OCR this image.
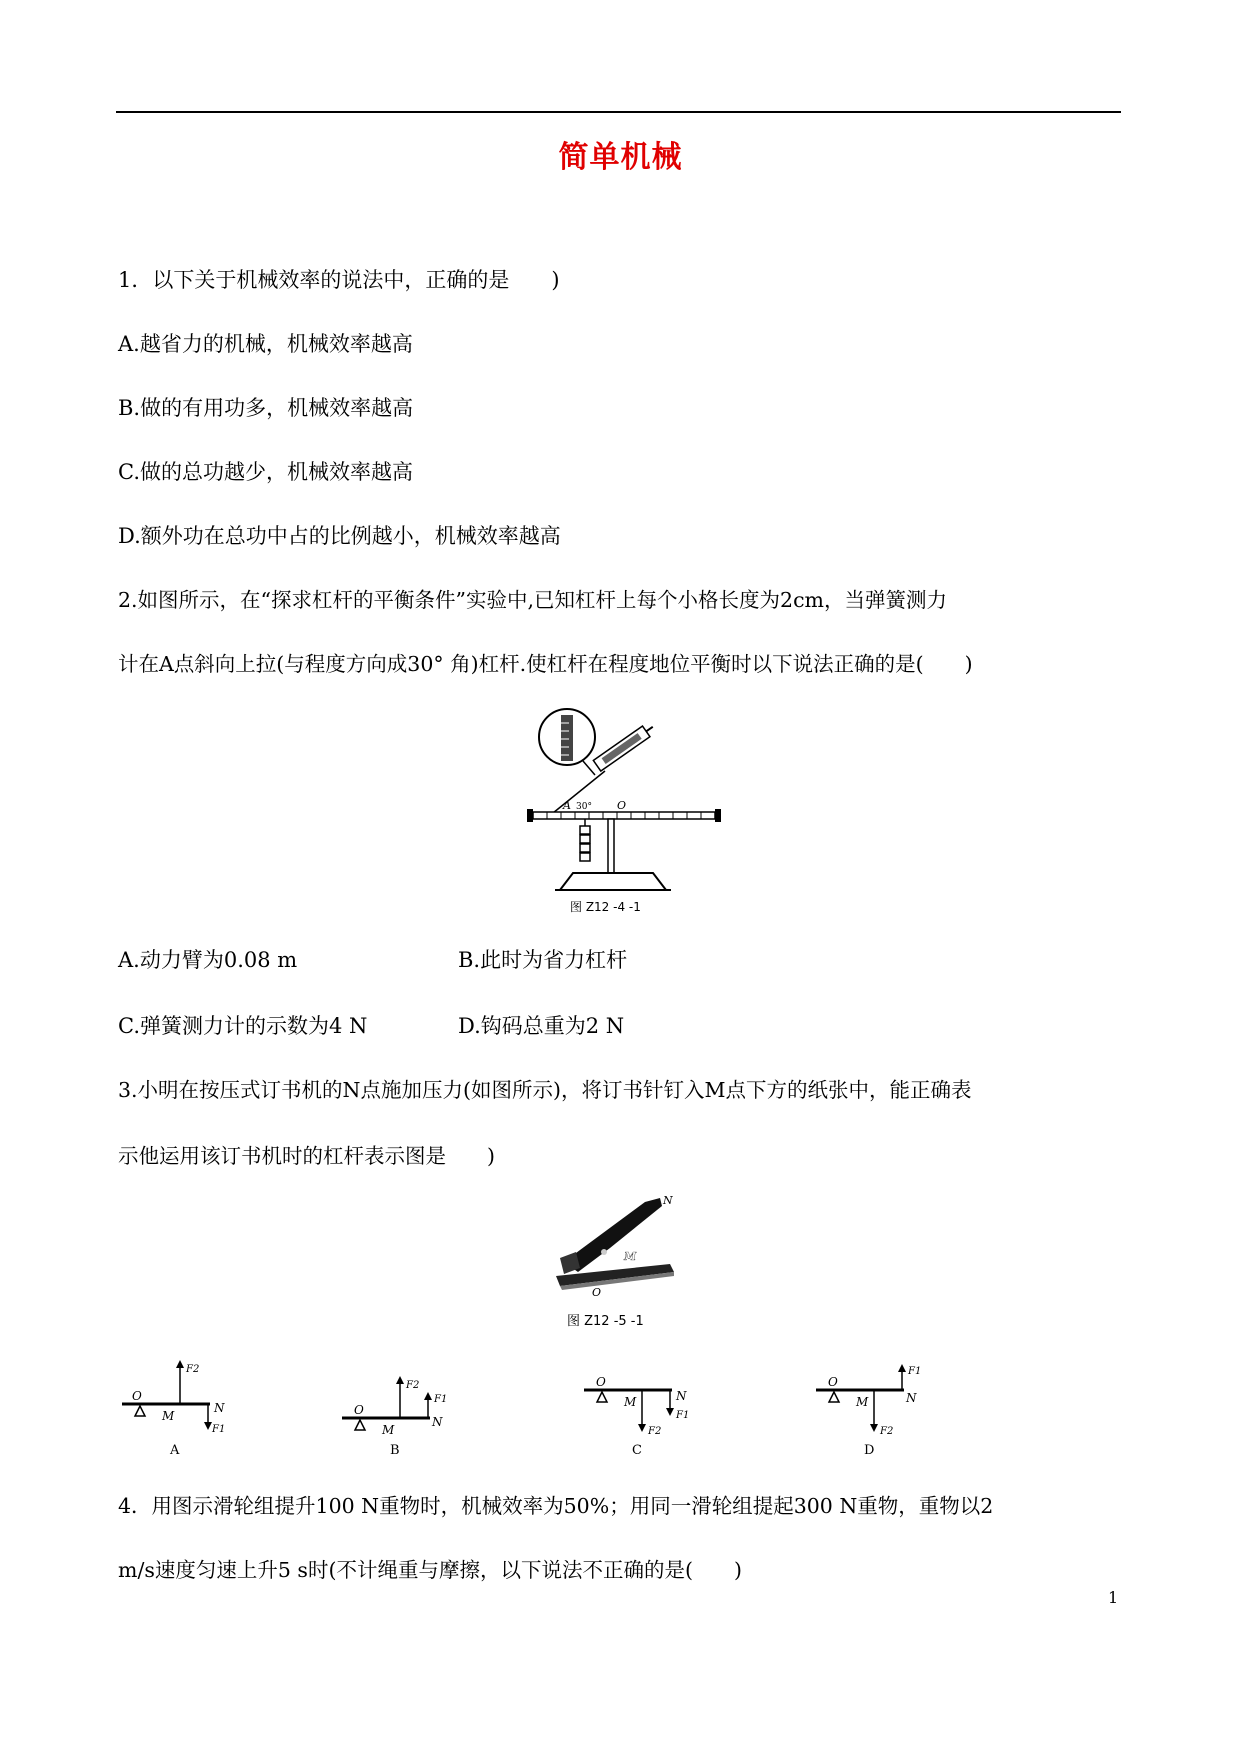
简单机械
1．以下关于机械效率的说法中，正确的是　　)
A.越省力的机械，机械效率越高
B.做的有用功多，机械效率越高
C.做的总功越少，机械效率越高
D.额外功在总功中占的比例越小，机械效率越高
2.如图所示，在“探求杠杆的平衡条件”实验中,已知杠杆上每个小格长度为2cm，当弹簧测力
计在A点斜向上拉(与程度方向成30° 角)杠杆.使杠杆在程度地位平衡时以下说法正确的是(　　)
A 30° O
图 Z12 -4 -1
A.动力臂为0.08 m	B.此时为省力杠杆
C.弹簧测力计的示数为4 N	D.钩码总重为2 N
3.小明在按压式订书机的N点施加压力(如图所示)，将订书针钉入M点下方的纸张中，能正确表
示他运用该订书机时的杠杆表示图是　　)
N
M
O
图 Z12 -5 -1
O
M
N
F2
F1
A
O
M
N
F2
F1
B
O
M	N
F2
F1
C
O
M	N
F2
F1
D
4．用图示滑轮组提升100 N重物时，机械效率为50%；用同一滑轮组提起300 N重物，重物以2
m/s速度匀速上升5 s时(不计绳重与摩擦，以下说法不正确的是(　　)
1
